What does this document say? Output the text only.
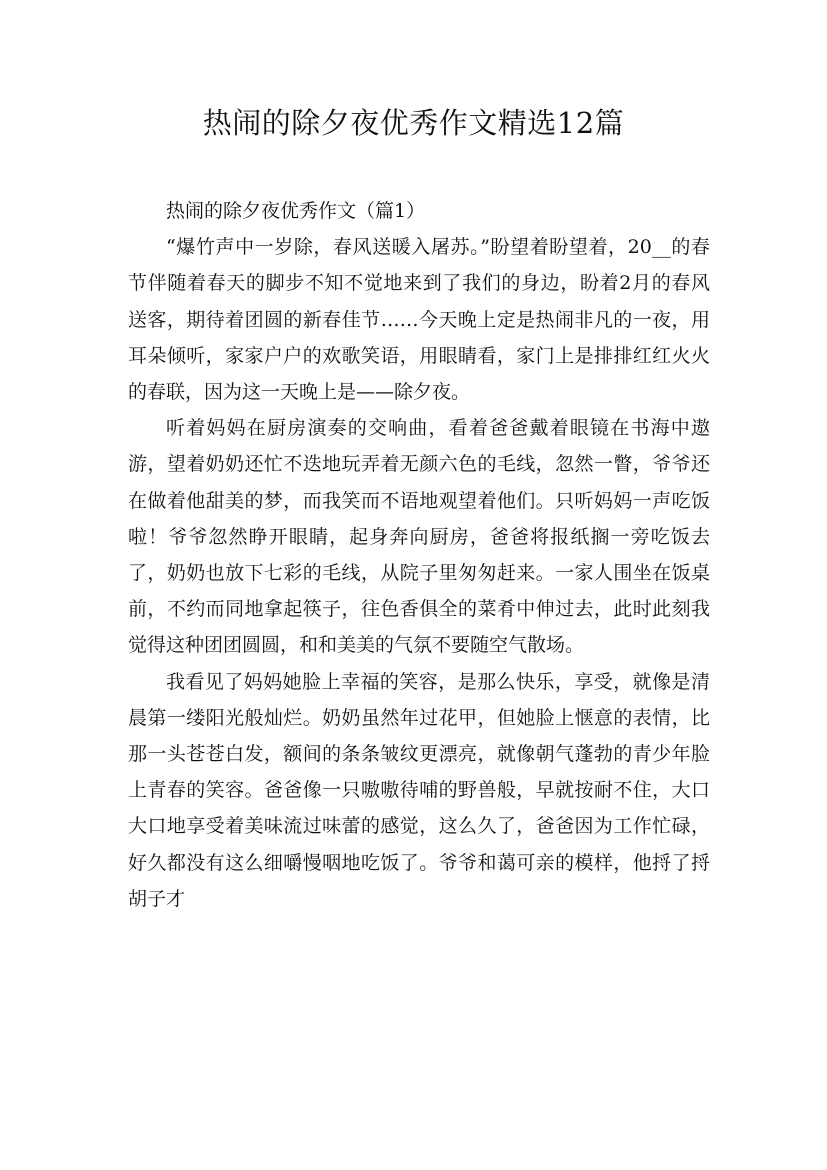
热闹的除夕夜优秀作文精选12篇

热闹的除夕夜优秀作文（篇1）

“爆竹声中一岁除，春风送暖入屠苏。”盼望着盼望着，20__的春节伴随着春天的脚步不知不觉地来到了我们的身边，盼着2月的春风送客，期待着团圆的新春佳节……今天晚上定是热闹非凡的一夜，用耳朵倾听，家家户户的欢歌笑语，用眼睛看，家门上是排排红红火火的春联，因为这一天晚上是——除夕夜。

听着妈妈在厨房演奏的交响曲，看着爸爸戴着眼镜在书海中遨游，望着奶奶还忙不迭地玩弄着无颜六色的毛线，忽然一瞥，爷爷还在做着他甜美的梦，而我笑而不语地观望着他们。只听妈妈一声吃饭啦！爷爷忽然睁开眼睛，起身奔向厨房，爸爸将报纸搁一旁吃饭去了，奶奶也放下七彩的毛线，从院子里匆匆赶来。一家人围坐在饭桌前，不约而同地拿起筷子，往色香俱全的菜肴中伸过去，此时此刻我觉得这种团团圆圆，和和美美的气氛不要随空气散场。

我看见了妈妈她脸上幸福的笑容，是那么快乐，享受，就像是清晨第一缕阳光般灿烂。奶奶虽然年过花甲，但她脸上惬意的表情，比那一头苍苍白发，额间的条条皱纹更漂亮，就像朝气蓬勃的青少年脸上青春的笑容。爸爸像一只嗷嗷待哺的野兽般，早就按耐不住，大口大口地享受着美味流过味蕾的感觉，这么久了，爸爸因为工作忙碌，好久都没有这么细嚼慢咽地吃饭了。爷爷和蔼可亲的模样，他捋了捋胡子才
